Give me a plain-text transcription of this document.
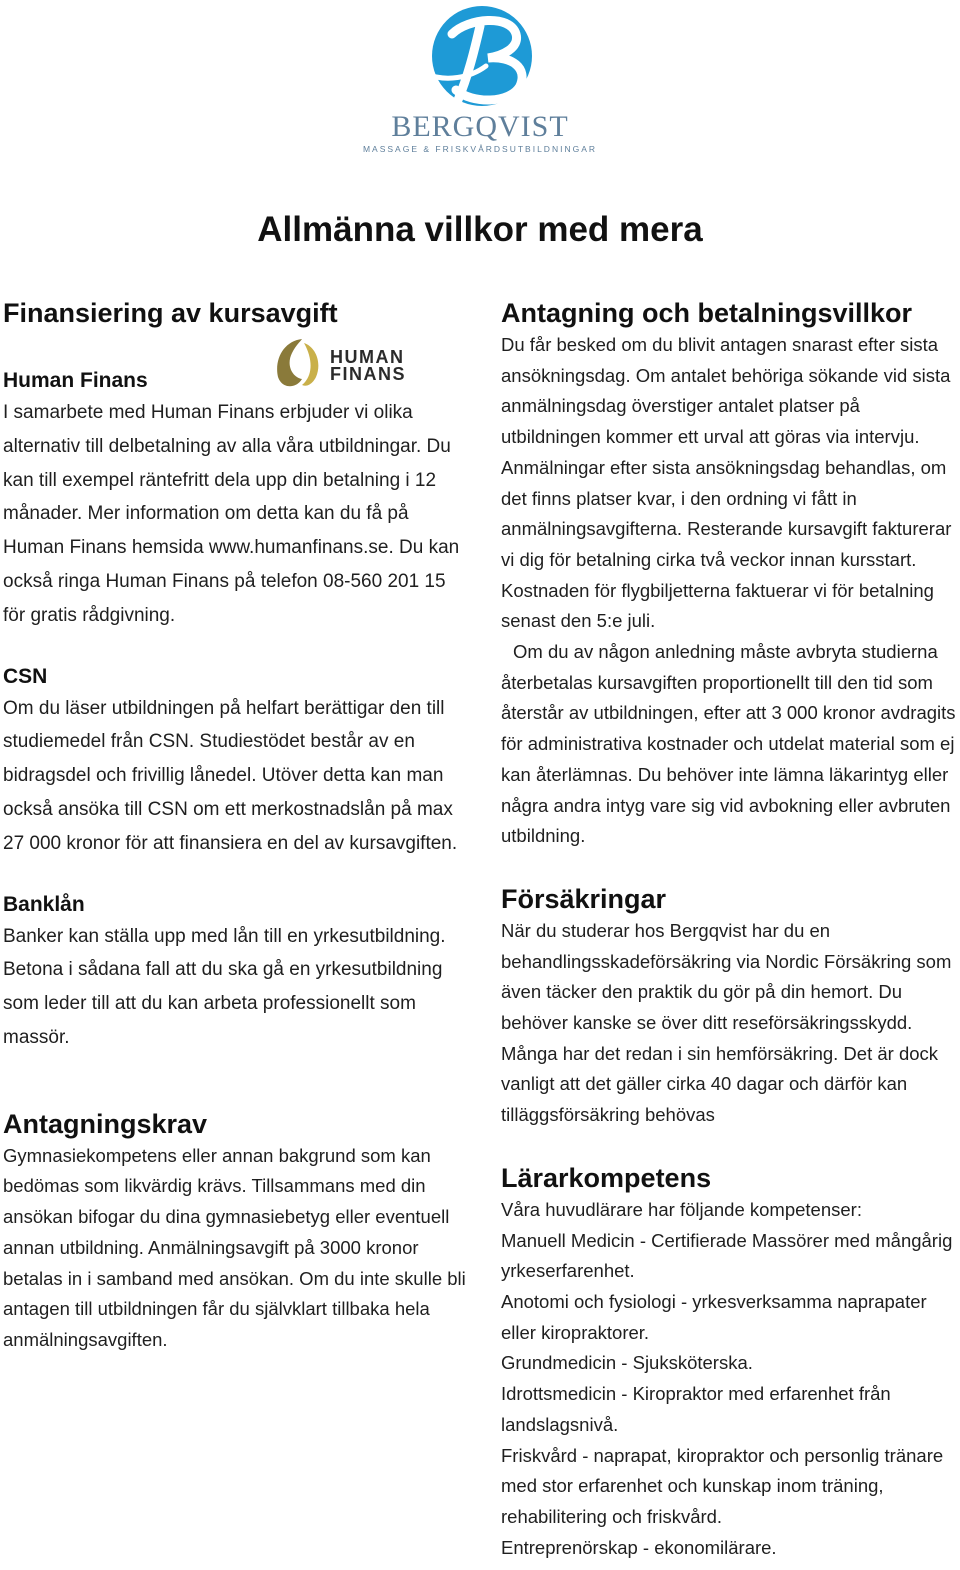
BERGQVIST
MASSAGE & FRISKVÅRDSUTBILDNINGAR
Allmänna villkor med mera
HUMAN
FINANS
Finansiering av kursavgift
Human Finans

I samarbete med Human Finans erbjuder vi olika alternativ till delbetalning av alla våra utbildningar. Du kan till exempel räntefritt dela upp din betalning i 12 månader. Mer information om detta kan du få på Human Finans hemsida www.humanfinans.se. Du kan också ringa Human Finans på telefon 08-560 201 15 för gratis rådgivning.

CSN

Om du läser utbildningen på helfart berättigar den till studiemedel från CSN. Studiestödet består av en bidragsdel och frivillig lånedel. Utöver detta kan man också ansöka till CSN om ett merkostnadslån på max 27 000 kronor för att finansiera en del av kursavgiften.

Banklån

Banker kan ställa upp med lån till en yrkesutbildning. Betona i sådana fall att du ska gå en yrkesutbildning som leder till att du kan arbeta professionellt som massör.

Antagningskrav

Gymnasiekompetens eller annan bakgrund som kan bedömas som likvärdig krävs. Tillsammans med din ansökan bifogar du dina gymnasiebetyg eller eventuell annan utbildning. Anmälningsavgift på 3000 kronor betalas in i samband med ansökan. Om du inte skulle bli antagen till utbildningen får du självklart tillbaka hela anmälningsavgiften.

Antagning och betalningsvillkor

Du får besked om du blivit antagen snarast efter sista ansökningsdag. Om antalet behöriga sökande vid sista anmälningsdag överstiger antalet platser på utbildningen kommer ett urval att göras via intervju. Anmälningar efter sista ansökningsdag behandlas, om det finns platser kvar, i den ordning vi fått in anmälningsavgifterna. Resterande kursavgift fakturerar vi dig för betalning cirka två veckor innan kursstart. Kostnaden för flygbiljetterna faktuerar vi för betalning senast den 5:e juli.

Om du av någon anledning måste avbryta studierna återbetalas kursavgiften proportionellt till den tid som återstår av utbildningen, efter att 3 000 kronor avdragits för administrativa kostnader och utdelat material som ej kan återlämnas. Du behöver inte lämna läkarintyg eller några andra intyg vare sig vid avbokning eller avbruten utbildning.

Försäkringar

När du studerar hos Bergqvist har du en behandlingsskadeförsäkring via Nordic Försäkring som även täcker den praktik du gör på din hemort. Du behöver kanske se över ditt reseförsäkringsskydd. Många har det redan i sin hemförsäkring. Det är dock vanligt att det gäller cirka 40 dagar och därför kan tilläggsförsäkring behövas

Lärarkompetens

Våra huvudlärare har följande kompetenser:

Manuell Medicin - Certifierade Massörer med mångårig yrkeserfarenhet.

Anotomi och fysiologi - yrkesverksamma naprapater eller kiropraktorer.

Grundmedicin - Sjuksköterska.

Idrottsmedicin - Kiropraktor med erfarenhet från landslagsnivå.

Friskvård - naprapat, kiropraktor och personlig tränare med stor erfarenhet och kunskap inom träning, rehabilitering och friskvård.

Entreprenörskap - ekonomilärare.
